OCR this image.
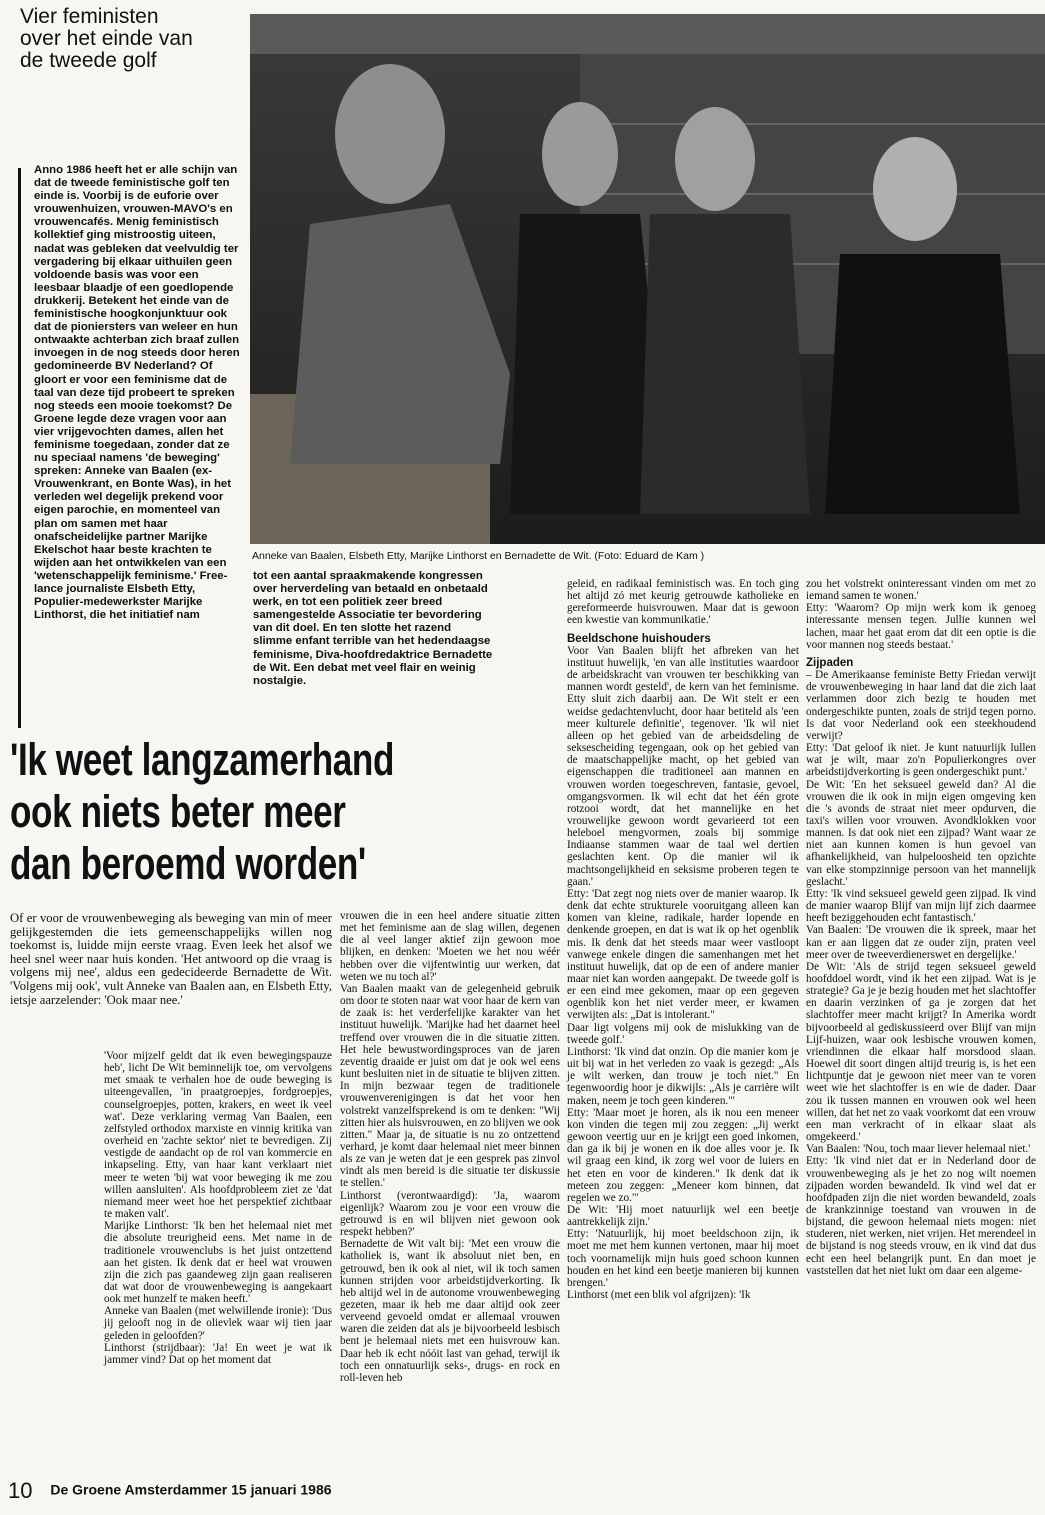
Vier feministen
over het einde van
de tweede golf
Anno 1986 heeft het er alle schijn van dat de tweede feministische golf ten einde is. Voorbij is de euforie over vrouwenhuizen, vrouwen-MAVO's en vrouwencafés. Menig feministisch kollektief ging mistroostig uiteen, nadat was gebleken dat veelvuldig ter vergadering bij elkaar uithuilen geen voldoende basis was voor een leesbaar blaadje of een goedlopende drukkerij. Betekent het einde van de feministische hoogkonjunktuur ook dat de pioniersters van weleer en hun ontwaakte achterban zich braaf zullen invoegen in de nog steeds door heren gedomineerde BV Nederland? Of gloort er voor een feminisme dat de taal van deze tijd probeert te spreken nog steeds een mooie toekomst? De Groene legde deze vragen voor aan vier vrijgevochten dames, allen het feminisme toegedaan, zonder dat ze nu speciaal namens 'de beweging' spreken: Anneke van Baalen (ex-Vrouwenkrant, en Bonte Was), in het verleden wel degelijk prekend voor eigen parochie, en momenteel van plan om samen met haar onafscheidelijke partner Marijke Ekelschot haar beste krachten te wijden aan het ontwikkelen van een 'wetenschappelijk feminisme.' Free-lance journaliste Elsbeth Etty, Populier-medewerkster Marijke Linthorst, die het initiatief nam
tot een aantal spraakmakende kongressen over herverdeling van betaald en onbetaald werk, en tot een politiek zeer breed samengestelde Associatie ter bevordering van dit doel. En ten slotte het razend slimme enfant terrible van het hedendaagse feminisme, Diva-hoofdredaktrice Bernadette de Wit. Een debat met veel flair en weinig nostalgie.
Anneke van Baalen, Elsbeth Etty, Marijke Linthorst en Bernadette de Wit. (Foto: Eduard de Kam )
'Ik weet langzamerhand
ook niets beter meer
dan beroemd worden'
Of er voor de vrouwenbeweging als beweging van min of meer gelijkgestemden die iets gemeenschappelijks willen nog toekomst is, luidde mijn eerste vraag. Even leek het alsof we heel snel weer naar huis konden. 'Het antwoord op die vraag is volgens mij nee', aldus een gedecideerde Bernadette de Wit. 'Volgens mij ook', vult Anneke van Baalen aan, en Elsbeth Etty, ietsje aarzelender: 'Ook maar nee.'

'Voor mijzelf geldt dat ik even bewegingspauze heb', licht De Wit beminnelijk toe, om vervolgens met smaak te verhalen hoe de oude beweging is uiteengevallen, 'in praatgroepjes, fordgroepjes, counselgroepjes, potten, krakers, en weet ik veel wat'. Deze verklaring vermag Van Baalen, een zelfstyled orthodox marxiste en vinnig kritika van overheid en 'zachte sektor' niet te bevredigen. Zij vestigde de aandacht op de rol van kommercie en inkapseling. Etty, van haar kant verklaart niet meer te weten 'bij wat voor beweging ik me zou willen aansluiten'. Als hoofdprobleem ziet ze 'dat niemand meer weet hoe het perspektief zichtbaar te maken valt'.

Marijke Linthorst: 'Ik ben het helemaal niet met die absolute treurigheid eens. Met name in de traditionele vrouwenclubs is het juist ontzettend aan het gisten. Ik denk dat er heel wat vrouwen zijn die zich pas gaandeweg zijn gaan realiseren dat wat door de vrouwenbeweging is aangekaart ook met hunzelf te maken heeft.'

Anneke van Baalen (met welwillende ironie): 'Dus jij gelooft nog in de olievlek waar wij tien jaar geleden in geloofden?'

Linthorst (strijdbaar): 'Ja! En weet je wat ik jammer vind? Dat op het moment dat

vrouwen die in een heel andere situatie zitten met het feminisme aan de slag willen, degenen die al veel langer aktief zijn gewoon moe blijken, en denken: 'Moeten we het nou wéér hebben over die vijfentwintig uur werken, dat weten we nu toch al?'

Van Baalen maakt van de gelegenheid gebruik om door te stoten naar wat voor haar de kern van de zaak is: het verderfelijke karakter van het instituut huwelijk. 'Marijke had het daarnet heel treffend over vrouwen die in die situatie zitten. Het hele bewustwordingsproces van de jaren zeventig draaide er juist om dat je ook wel eens kunt besluiten niet in de situatie te blijven zitten. In mijn bezwaar tegen de traditionele vrouwenverenigingen is dat het voor hen volstrekt vanzelfsprekend is om te denken: "Wij zitten hier als huisvrouwen, en zo blijven we ook zitten." Maar ja, de situatie is nu zo ontzettend verhard, je komt daar helemaal niet meer binnen als ze van je weten dat je een gesprek pas zinvol vindt als men bereid is die situatie ter diskussie te stellen.'

Linthorst (verontwaardigd): 'Ja, waarom eigenlijk? Waarom zou je voor een vrouw die getrouwd is en wil blijven niet gewoon ook respekt hebben?'

Bernadette de Wit valt bij: 'Met een vrouw die katholiek is, want ik absoluut niet ben, en getrouwd, ben ik ook al niet, wil ik toch samen kunnen strijden voor arbeidstijdverkorting. Ik heb altijd wel in de autonome vrouwenbeweging gezeten, maar ik heb me daar altijd ook zeer verveend gevoeld omdat er allemaal vrouwen waren die zeiden dat als je bijvoorbeeld lesbisch bent je helemaal niets met een huisvrouw kan. Daar heb ik echt nóóit last van gehad, terwijl ik toch een onnatuurlijk seks-, drugs- en rock en roll-leven heb

geleid, en radikaal feministisch was. En toch ging het altijd zó met keurig getrouwde katholieke en gereformeerde huisvrouwen. Maar dat is gewoon een kwestie van kommunikatie.'

Beeldschone huishouders

Voor Van Baalen blijft het afbreken van het instituut huwelijk, 'en van alle instituties waardoor de arbeidskracht van vrouwen ter beschikking van mannen wordt gesteld', de kern van het feminisme. Etty sluit zich daarbij aan. De Wit stelt er een weidse gedachtenvlucht, door haar betiteld als 'een meer kulturele definitie', tegenover. 'Ik wil niet alleen op het gebied van de arbeidsdeling de seksescheiding tegengaan, ook op het gebied van de maatschappelijke macht, op het gebied van eigenschappen die traditioneel aan mannen en vrouwen worden toegeschreven, fantasie, gevoel, omgangsvormen. Ik wil echt dat het één grote rotzooi wordt, dat het mannelijke en het vrouwelijke gewoon wordt gevarieerd tot een heleboel mengvormen, zoals bij sommige Indiaanse stammen waar de taal wel dertien geslachten kent. Op die manier wil ik machtsongelijkheid en seksisme proberen tegen te gaan.'

Etty: 'Dat zegt nog niets over de manier waarop. Ik denk dat echte strukturele vooruitgang alleen kan komen van kleine, radikale, harder lopende en denkende groepen, en dat is wat ik op het ogenblik mis. Ik denk dat het steeds maar weer vastloopt vanwege enkele dingen die samenhangen met het instituut huwelijk, dat op de een of andere manier maar niet kan worden aangepakt. De tweede golf is er een eind mee gekomen, maar op een gegeven ogenblik kon het niet verder meer, er kwamen verwijten als: „Dat is intolerant."

Daar ligt volgens mij ook de mislukking van de tweede golf.'

Linthorst: 'Ik vind dat onzin. Op die manier kom je uit bij wat in het verleden zo vaak is gezegd: „Als je wilt werken, dan trouw je toch niet." En tegenwoordig hoor je dikwijls: „Als je carrière wilt maken, neem je toch geen kinderen."'

Etty: 'Maar moet je horen, als ik nou een meneer kon vinden die tegen mij zou zeggen: „Jij werkt gewoon veertig uur en je krijgt een goed inkomen, dan ga ik bij je wonen en ik doe alles voor je. Ik wil graag een kind, ik zorg wel voor de luiers en het eten en voor de kinderen." Ik denk dat ik meteen zou zeggen: „Meneer kom binnen, dat regelen we zo."'

De Wit: 'Hij moet natuurlijk wel een beetje aantrekkelijk zijn.'

Etty: 'Natuurlijk, hij moet beeldschoon zijn, ik moet me met hem kunnen vertonen, maar hij moet toch voornamelijk mijn huis goed schoon kunnen houden en het kind een beetje manieren bij kunnen brengen.'

Linthorst (met een blik vol afgrijzen): 'Ik

zou het volstrekt oninteressant vinden om met zo iemand samen te wonen.'

Etty: 'Waarom? Op mijn werk kom ik genoeg interessante mensen tegen. Jullie kunnen wel lachen, maar het gaat erom dat dit een optie is die voor mannen nog steeds bestaat.'

Zijpaden

– De Amerikaanse feministe Betty Friedan verwijt de vrouwenbeweging in haar land dat die zich laat verlammen door zich bezig te houden met ondergeschikte punten, zoals de strijd tegen porno. Is dat voor Nederland ook een steekhoudend verwijt?

Etty: 'Dat geloof ik niet. Je kunt natuurlijk lullen wat je wilt, maar zo'n Populierkongres over arbeidstijdverkorting is geen ondergeschikt punt.'

De Wit: 'En het seksueel geweld dan? Al die vrouwen die ik ook in mijn eigen omgeving ken die 's avonds de straat niet meer opdurven, die taxi's willen voor vrouwen. Avondklokken voor mannen. Is dat ook niet een zijpad? Want waar ze niet aan kunnen komen is hun gevoel van afhankelijkheid, van hulpeloosheid ten opzichte van elke stompzinnige persoon van het mannelijk geslacht.'

Etty: 'Ik vind seksueel geweld geen zijpad. Ik vind de manier waarop Blijf van mijn lijf zich daarmee heeft beziggehouden echt fantastisch.'

Van Baalen: 'De vrouwen die ik spreek, maar het kan er aan liggen dat ze ouder zijn, praten veel meer over de tweeverdienerswet en dergelijke.'

De Wit: 'Als de strijd tegen seksueel geweld hoofddoel wordt, vind ik het een zijpad. Wat is je strategie? Ga je je bezig houden met het slachtoffer en daarin verzinken of ga je zorgen dat het slachtoffer meer macht krijgt? In Amerika wordt bijvoorbeeld al gediskussieerd over Blijf van mijn Lijf-huizen, waar ook lesbische vrouwen komen, vriendinnen die elkaar half morsdood slaan. Hoewel dit soort dingen altijd treurig is, is het een lichtpuntje dat je gewoon niet meer van te voren weet wie het slachtoffer is en wie de dader. Daar zou ik tussen mannen en vrouwen ook wel heen willen, dat het net zo vaak voorkomt dat een vrouw een man verkracht of in elkaar slaat als omgekeerd.'

Van Baalen: 'Nou, toch maar liever helemaal niet.'

Etty: 'Ik vind niet dat er in Nederland door de vrouwenbeweging als je het zo nog wilt noemen zijpaden worden bewandeld. Ik vind wel dat er hoofdpaden zijn die niet worden bewandeld, zoals de krankzinnige toestand van vrouwen in de bijstand, die gewoon helemaal niets mogen: niet studeren, niet werken, niet vrijen. Het merendeel in de bijstand is nog steeds vrouw, en ik vind dat dus echt een heel belangrijk punt. En dan moet je vaststellen dat het niet lukt om daar een algeme-

10 De Groene Amsterdammer 15 januari 1986
